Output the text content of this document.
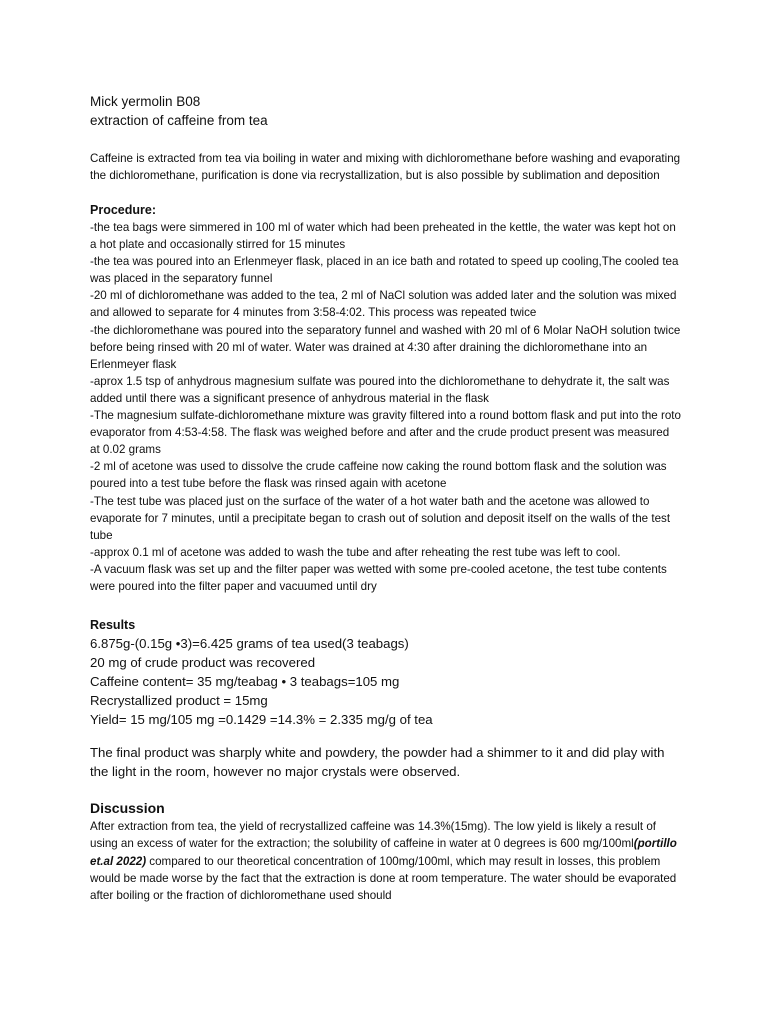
Mick yermolin B08

extraction of caffeine from tea

Caffeine is extracted from tea via boiling in water and mixing with dichloromethane before washing and evaporating the dichloromethane, purification is done via recrystallization, but is also possible by sublimation and deposition
Procedure:

-the tea bags were simmered in 100 ml of water which had been preheated in the kettle, the water was kept hot on a hot plate and occasionally stirred for 15 minutes

-the tea was poured into an Erlenmeyer flask, placed in an ice bath and rotated to speed up cooling,The cooled tea was placed in the separatory funnel

-20 ml of dichloromethane was added to the tea, 2 ml of NaCl solution was added later and the solution was mixed and allowed to separate for 4 minutes from 3:58-4:02. This process was repeated twice

-the dichloromethane was poured into the separatory funnel and washed with 20 ml of 6 Molar NaOH solution twice before being rinsed with 20 ml of water. Water was drained at 4:30 after draining the dichloromethane into an Erlenmeyer flask

-aprox 1.5 tsp of anhydrous magnesium sulfate was poured into the dichloromethane to dehydrate it, the salt was added until there was a significant presence of anhydrous material in the flask

-The magnesium sulfate-dichloromethane mixture was gravity filtered into a round bottom flask and put into the roto evaporator from 4:53-4:58. The flask was weighed before and after and the crude product present was measured at 0.02 grams

-2 ml of acetone was used to dissolve the crude caffeine now caking the round bottom flask and the solution was poured into a test tube before the flask was rinsed again with acetone

-The test tube was placed just on the surface of the water of a hot water bath and the acetone was allowed to evaporate for 7 minutes, until a precipitate began to crash out of solution and deposit itself on the walls of the test tube

-approx 0.1 ml of acetone was added to wash the tube and after reheating the rest tube was left to cool.

-A vacuum flask was set up and the filter paper was wetted with some pre-cooled acetone, the test tube contents were poured into the filter paper and vacuumed until dry

Results

6.875g-(0.15g •3)=6.425 grams of tea used(3 teabags)

20 mg of crude product was recovered

Caffeine content= 35 mg/teabag • 3 teabags=105 mg

Recrystallized product = 15mg

Yield= 15 mg/105 mg =0.1429 =14.3% = 2.335 mg/g of tea

The final product was sharply white and powdery, the powder had a shimmer to it and did play with the light in the room, however no major crystals were observed.
Discussion
After extraction from tea, the yield of recrystallized caffeine was 14.3%(15mg). The low yield is likely a result of using an excess of water for the extraction; the solubility of caffeine in water at 0 degrees is 600 mg/100ml(portillo et.al 2022) compared to our theoretical concentration of 100mg/100ml, which may result in losses, this problem would be made worse by the fact that the extraction is done at room temperature. The water should be evaporated after boiling or the fraction of dichloromethane used should
